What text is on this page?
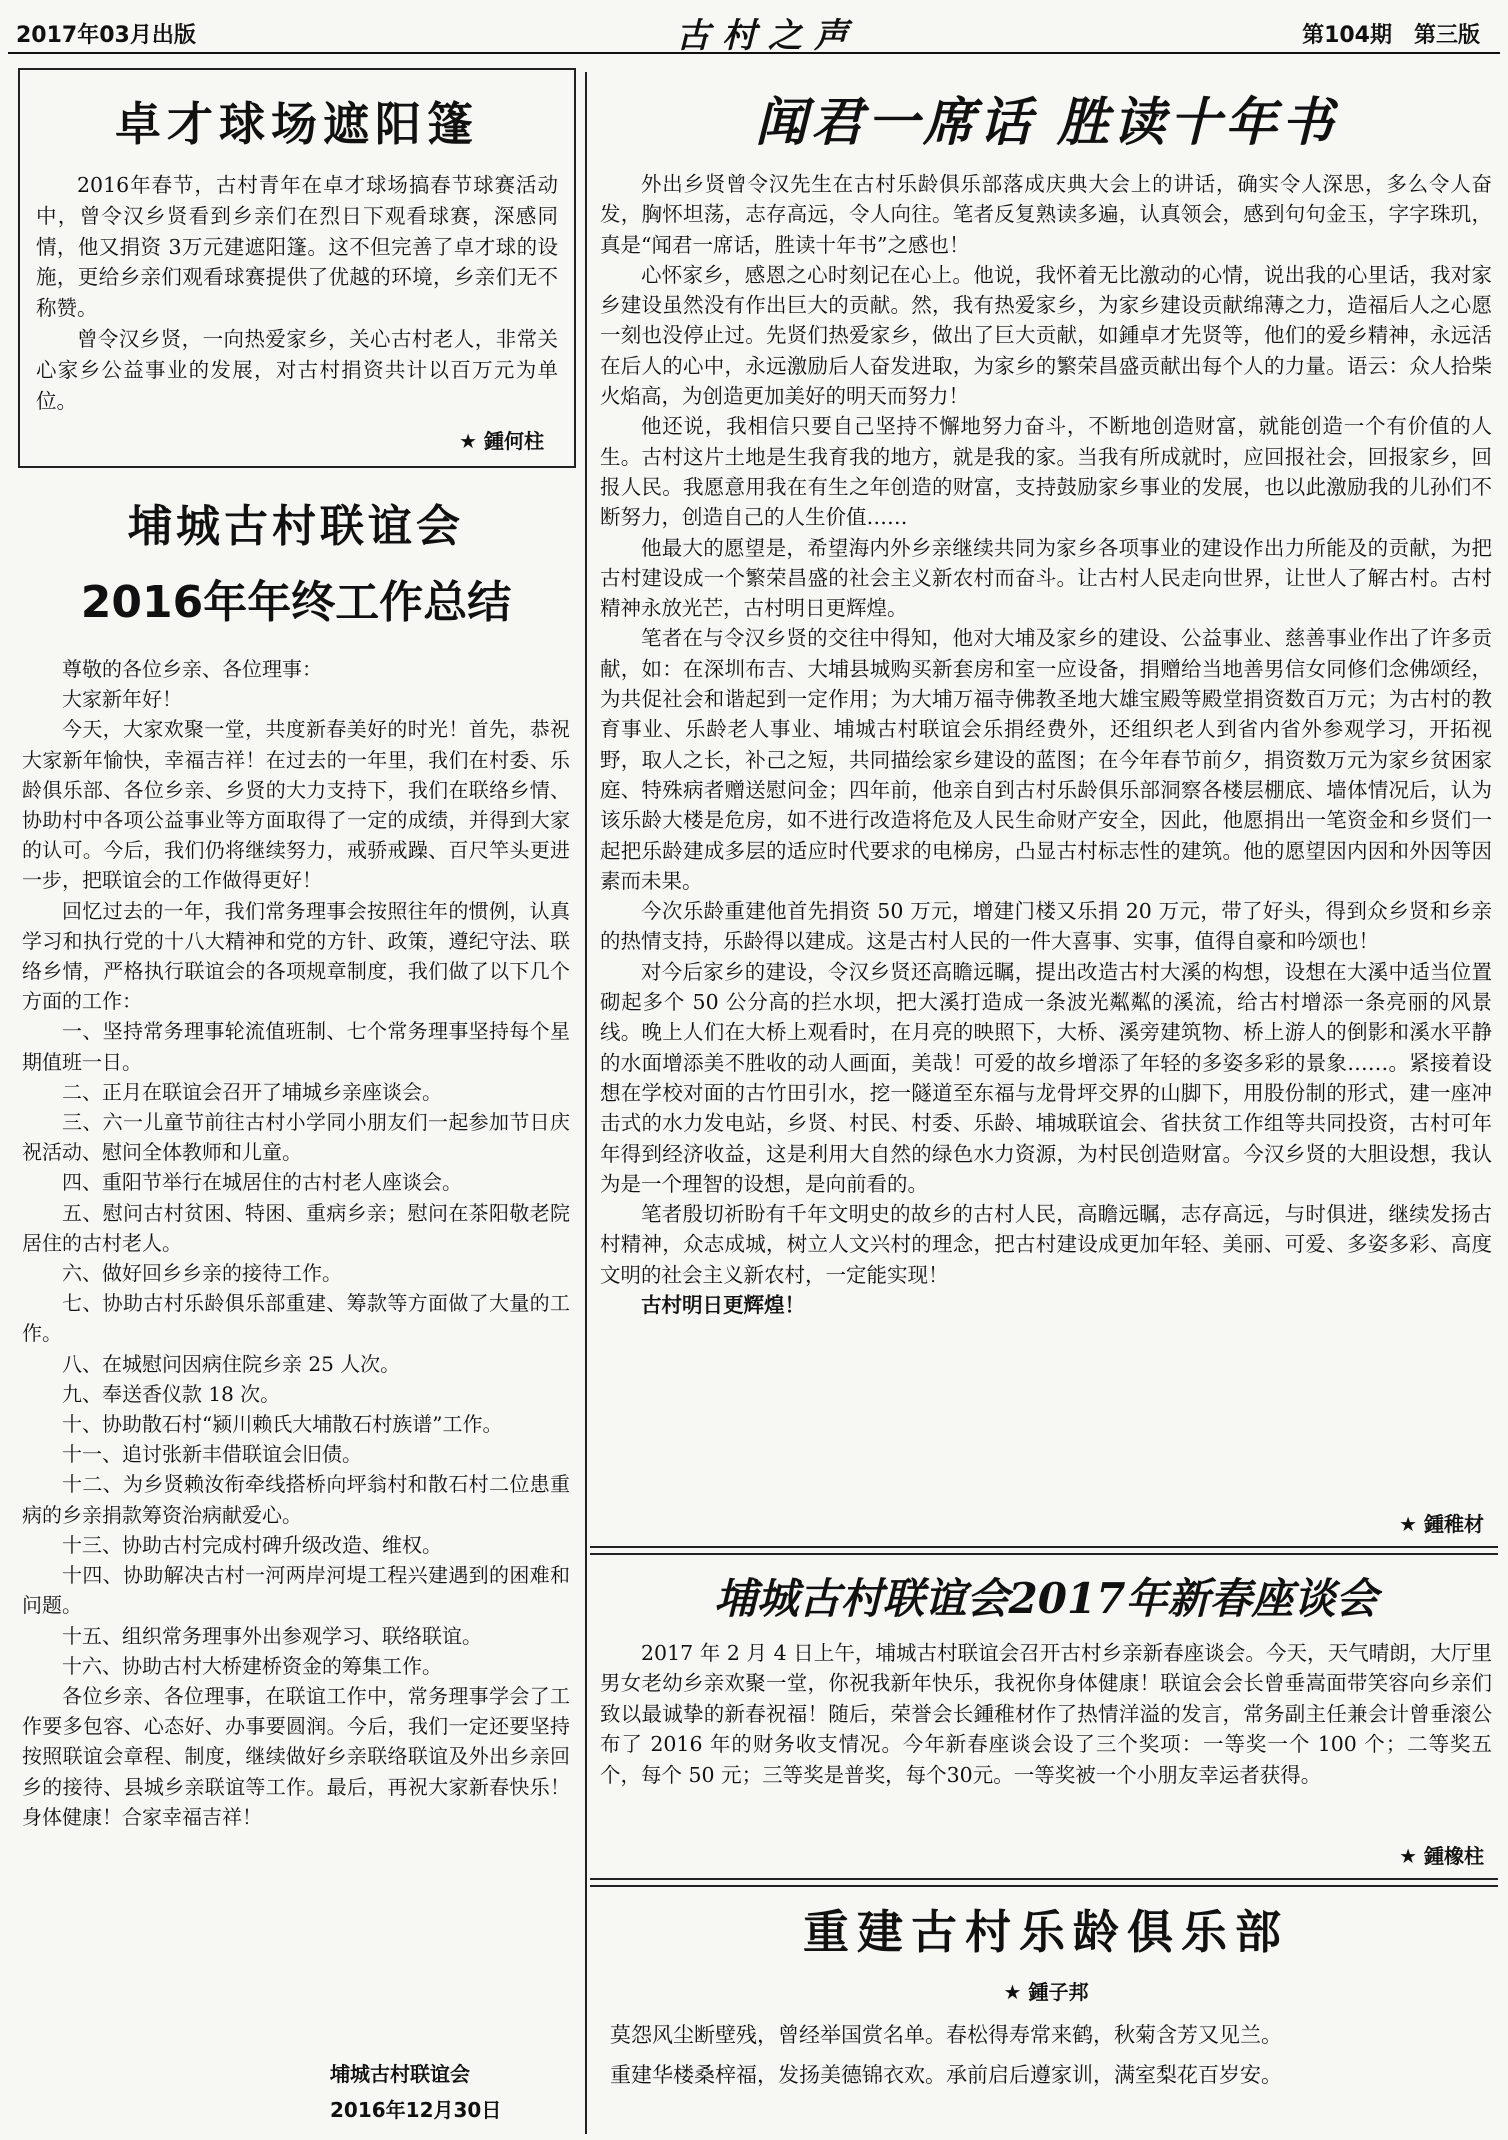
2017年03月出版	古村之声	第104期　第三版
卓才球场遮阳篷

2016年春节，古村青年在卓才球场搞春节球赛活动中，曾令汉乡贤看到乡亲们在烈日下观看球赛，深感同情，他又捐资 3万元建遮阳篷。这不但完善了卓才球的设施，更给乡亲们观看球赛提供了优越的环境，乡亲们无不称赞。

曾令汉乡贤，一向热爱家乡，关心古村老人，非常关心家乡公益事业的发展，对古村捐资共计以百万元为单位。

★ 鍾何柱
埔城古村联谊会
2016年年终工作总结

尊敬的各位乡亲、各位理事：

大家新年好！

今天，大家欢聚一堂，共度新春美好的时光！首先，恭祝大家新年愉快，幸福吉祥！在过去的一年里，我们在村委、乐龄俱乐部、各位乡亲、乡贤的大力支持下，我们在联络乡情、协助村中各项公益事业等方面取得了一定的成绩，并得到大家的认可。今后，我们仍将继续努力，戒骄戒躁、百尺竿头更进一步，把联谊会的工作做得更好！

回忆过去的一年，我们常务理事会按照往年的惯例，认真学习和执行党的十八大精神和党的方针、政策，遵纪守法、联络乡情，严格执行联谊会的各项规章制度，我们做了以下几个方面的工作：

一、坚持常务理事轮流值班制、七个常务理事坚持每个星期值班一日。

二、正月在联谊会召开了埔城乡亲座谈会。

三、六一儿童节前往古村小学同小朋友们一起参加节日庆祝活动、慰问全体教师和儿童。

四、重阳节举行在城居住的古村老人座谈会。

五、慰问古村贫困、特困、重病乡亲；慰问在茶阳敬老院居住的古村老人。

六、做好回乡乡亲的接待工作。

七、协助古村乐龄俱乐部重建、筹款等方面做了大量的工作。

八、在城慰问因病住院乡亲 25 人次。

九、奉送香仪款 18 次。

十、协助散石村“颍川赖氏大埔散石村族谱”工作。

十一、追讨张新丰借联谊会旧债。

十二、为乡贤赖汝衔牵线搭桥向坪翁村和散石村二位患重病的乡亲捐款筹资治病献爱心。

十三、协助古村完成村碑升级改造、维权。

十四、协助解决古村一河两岸河堤工程兴建遇到的困难和问题。

十五、组织常务理事外出参观学习、联络联谊。

十六、协助古村大桥建桥资金的筹集工作。

各位乡亲、各位理事，在联谊工作中，常务理事学会了工作要多包容、心态好、办事要圆润。今后，我们一定还要坚持按照联谊会章程、制度，继续做好乡亲联络联谊及外出乡亲回乡的接待、县城乡亲联谊等工作。最后，再祝大家新春快乐！身体健康！合家幸福吉祥！

埔城古村联谊会
2016年12月30日
闻君一席话 胜读十年书

外出乡贤曾令汉先生在古村乐龄俱乐部落成庆典大会上的讲话，确实令人深思，多么令人奋发，胸怀坦荡，志存高远，令人向往。笔者反复熟读多遍，认真领会，感到句句金玉，字字珠玑，真是“闻君一席话，胜读十年书”之感也！

心怀家乡，感恩之心时刻记在心上。他说，我怀着无比激动的心情，说出我的心里话，我对家乡建设虽然没有作出巨大的贡献。然，我有热爱家乡，为家乡建设贡献绵薄之力，造福后人之心愿一刻也没停止过。先贤们热爱家乡，做出了巨大贡献，如鍾卓才先贤等，他们的爱乡精神，永远活在后人的心中，永远激励后人奋发进取，为家乡的繁荣昌盛贡献出每个人的力量。语云：众人拾柴火焰高，为创造更加美好的明天而努力！

他还说，我相信只要自己坚持不懈地努力奋斗，不断地创造财富，就能创造一个有价值的人生。古村这片土地是生我育我的地方，就是我的家。当我有所成就时，应回报社会，回报家乡，回报人民。我愿意用我在有生之年创造的财富，支持鼓励家乡事业的发展，也以此激励我的儿孙们不断努力，创造自己的人生价值……

他最大的愿望是，希望海内外乡亲继续共同为家乡各项事业的建设作出力所能及的贡献，为把古村建设成一个繁荣昌盛的社会主义新农村而奋斗。让古村人民走向世界，让世人了解古村。古村精神永放光芒，古村明日更辉煌。

笔者在与令汉乡贤的交往中得知，他对大埔及家乡的建设、公益事业、慈善事业作出了许多贡献，如：在深圳布吉、大埔县城购买新套房和室一应设备，捐赠给当地善男信女同修们念佛颂经，为共促社会和谐起到一定作用；为大埔万福寺佛教圣地大雄宝殿等殿堂捐资数百万元；为古村的教育事业、乐龄老人事业、埔城古村联谊会乐捐经费外，还组织老人到省内省外参观学习，开拓视野，取人之长，补己之短，共同描绘家乡建设的蓝图；在今年春节前夕，捐资数万元为家乡贫困家庭、特殊病者赠送慰问金；四年前，他亲自到古村乐龄俱乐部洞察各楼层棚底、墙体情况后，认为该乐龄大楼是危房，如不进行改造将危及人民生命财产安全，因此，他愿捐出一笔资金和乡贤们一起把乐龄建成多层的适应时代要求的电梯房，凸显古村标志性的建筑。他的愿望因内因和外因等因素而未果。

今次乐龄重建他首先捐资 50 万元，增建门楼又乐捐 20 万元，带了好头，得到众乡贤和乡亲的热情支持，乐龄得以建成。这是古村人民的一件大喜事、实事，值得自豪和吟颂也！

对今后家乡的建设，令汉乡贤还高瞻远瞩，提出改造古村大溪的构想，设想在大溪中适当位置砌起多个 50 公分高的拦水坝，把大溪打造成一条波光粼粼的溪流，给古村增添一条亮丽的风景线。晚上人们在大桥上观看时，在月亮的映照下，大桥、溪旁建筑物、桥上游人的倒影和溪水平静的水面增添美不胜收的动人画面，美哉！可爱的故乡增添了年轻的多姿多彩的景象……。紧接着设想在学校对面的古竹田引水，挖一隧道至东福与龙骨坪交界的山脚下，用股份制的形式，建一座冲击式的水力发电站，乡贤、村民、村委、乐龄、埔城联谊会、省扶贫工作组等共同投资，古村可年年得到经济收益，这是利用大自然的绿色水力资源，为村民创造财富。今汉乡贤的大胆设想，我认为是一个理智的设想，是向前看的。

笔者殷切祈盼有千年文明史的故乡的古村人民，高瞻远瞩，志存高远，与时俱进，继续发扬古村精神，众志成城，树立人文兴村的理念，把古村建设成更加年轻、美丽、可爱、多姿多彩、高度文明的社会主义新农村，一定能实现！

古村明日更辉煌！

★ 鍾稚材
埔城古村联谊会2017年新春座谈会

2017 年 2 月 4 日上午，埔城古村联谊会召开古村乡亲新春座谈会。今天，天气晴朗，大厅里男女老幼乡亲欢聚一堂，你祝我新年快乐，我祝你身体健康！联谊会会长曾垂嵩面带笑容向乡亲们致以最诚挚的新春祝福！随后，荣誉会长鍾稚材作了热情洋溢的发言，常务副主任兼会计曾垂滚公布了 2016 年的财务收支情况。今年新春座谈会设了三个奖项：一等奖一个 100 个；二等奖五个，每个 50 元；三等奖是普奖，每个30元。一等奖被一个小朋友幸运者获得。

★ 鍾橡柱
重建古村乐龄俱乐部
★ 鍾子邦
莫怨风尘断壁残，曾经举国赏名单。春松得寿常来鹤，秋菊含芳又见兰。
重建华楼桑梓福，发扬美德锦衣欢。承前启后遵家训，满室梨花百岁安。
